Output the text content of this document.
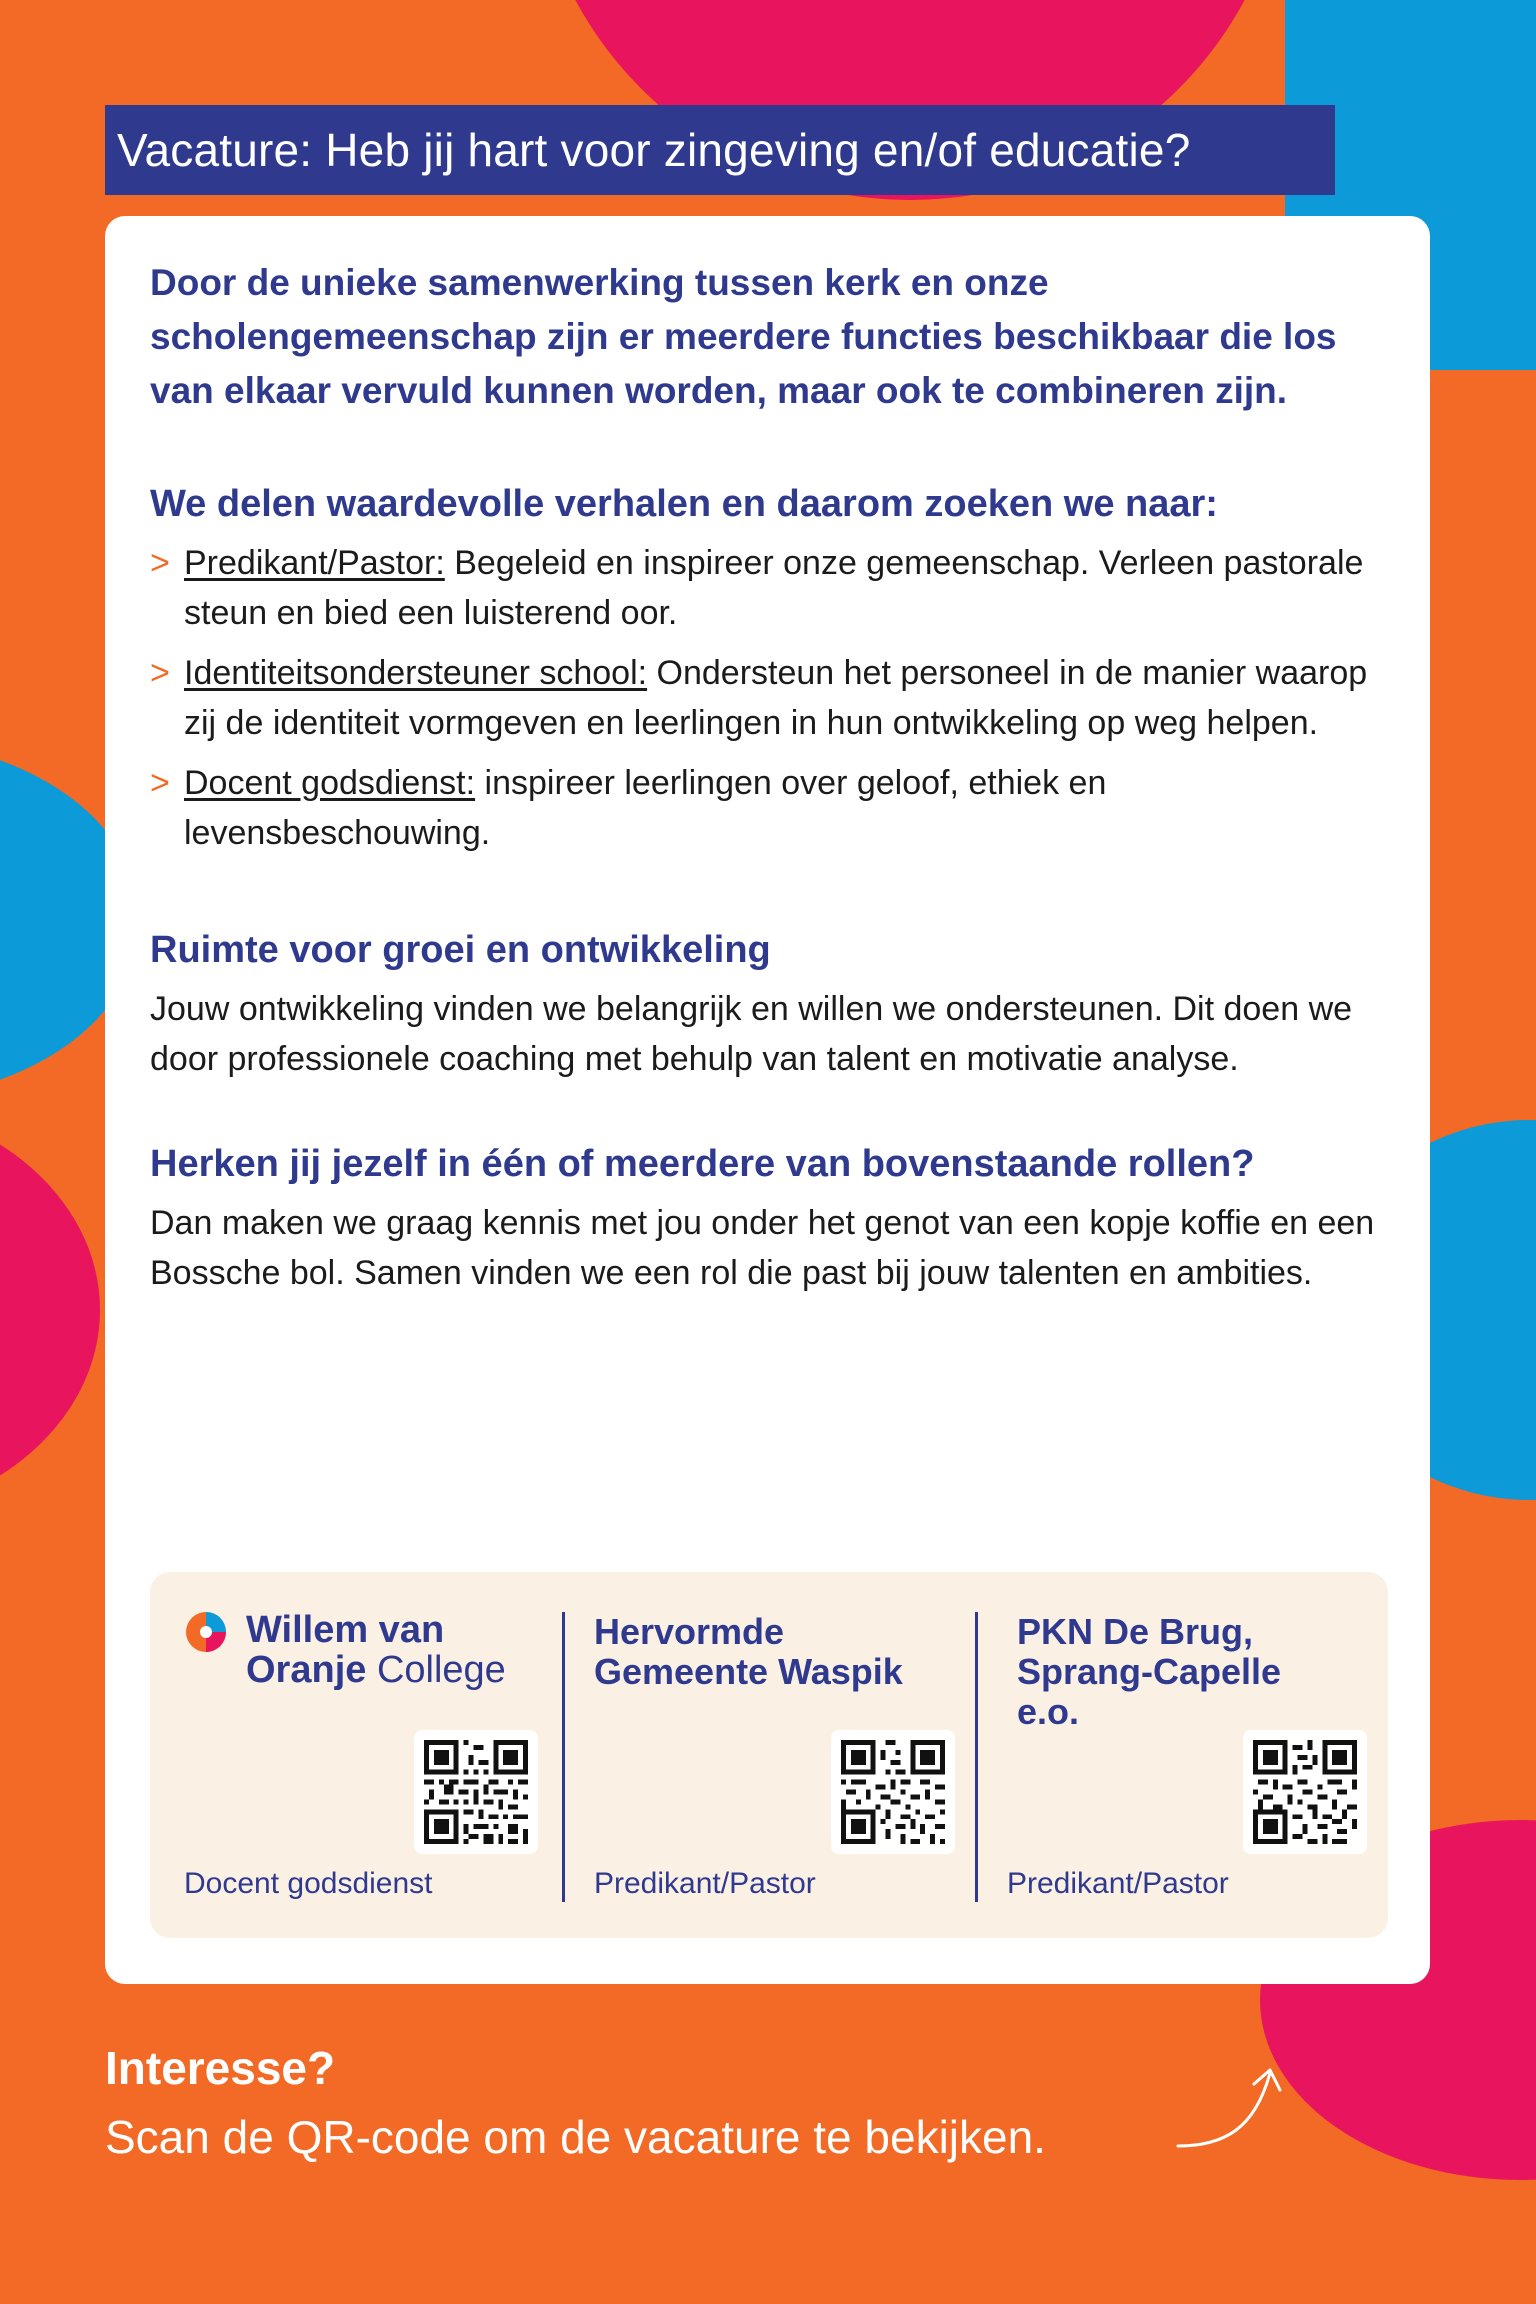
Vacature: Heb jij hart voor zingeving en/of educatie?

Door de unieke samenwerking tussen kerk en onze scholengemeenschap zijn er meerdere functies beschikbaar die los van elkaar vervuld kunnen worden, maar ook te combineren zijn.

We delen waardevolle verhalen en daarom zoeken we naar:

> Predikant/Pastor: Begeleid en inspireer onze gemeenschap. Verleen pastorale steun en bied een luisterend oor.
> Identiteitsondersteuner school: Ondersteun het personeel in de manier waarop zij de identiteit vormgeven en leerlingen in hun ontwikkeling op weg helpen.
> Docent godsdienst: inspireer leerlingen over geloof, ethiek en levensbeschouwing.

Ruimte voor groei en ontwikkeling

Jouw ontwikkeling vinden we belangrijk en willen we ondersteunen. Dit doen we door professionele coaching met behulp van talent en motivatie analyse.

Herken jij jezelf in één of meerdere van bovenstaande rollen?

Dan maken we graag kennis met jou onder het genot van een kopje koffie en een Bossche bol. Samen vinden we een rol die past bij jouw talenten en ambities.

Willem van
Oranje College

Docent godsdienst

Hervormde Gemeente Waspik

Predikant/Pastor

PKN De Brug, Sprang-Capelle e.o.

Predikant/Pastor

Interesse?

Scan de QR-code om de vacature te bekijken.
